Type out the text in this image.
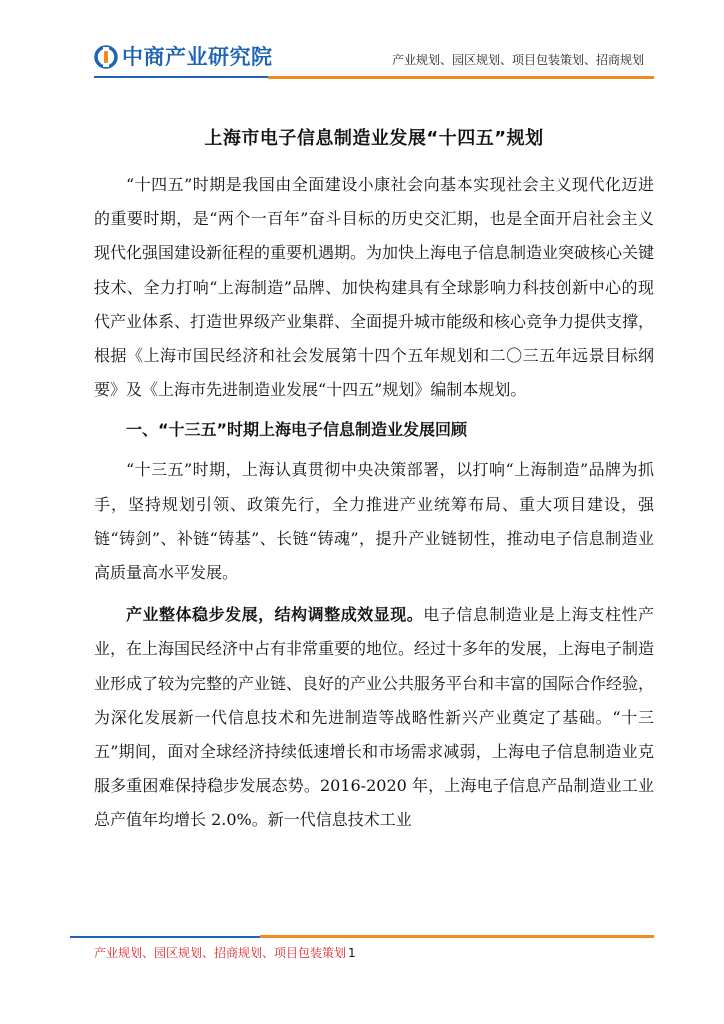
中商产业研究院	产业规划、园区规划、项目包装策划、招商规划
上海市电子信息制造业发展“十四五”规划

“十四五”时期是我国由全面建设小康社会向基本实现社会主义现代化迈进的重要时期，是“两个一百年”奋斗目标的历史交汇期，也是全面开启社会主义现代化强国建设新征程的重要机遇期。为加快上海电子信息制造业突破核心关键技术、全力打响“上海制造”品牌、加快构建具有全球影响力科技创新中心的现代产业体系、打造世界级产业集群、全面提升城市能级和核心竞争力提供支撑，根据《上海市国民经济和社会发展第十四个五年规划和二〇三五年远景目标纲要》及《上海市先进制造业发展“十四五”规划》编制本规划。

一、“十三五”时期上海电子信息制造业发展回顾

“十三五”时期，上海认真贯彻中央决策部署，以打响“上海制造”品牌为抓手，坚持规划引领、政策先行，全力推进产业统筹布局、重大项目建设，强链“铸剑”、补链“铸基”、长链“铸魂”，提升产业链韧性，推动电子信息制造业高质量高水平发展。

产业整体稳步发展，结构调整成效显现。电子信息制造业是上海支柱性产业，在上海国民经济中占有非常重要的地位。经过十多年的发展，上海电子制造业形成了较为完整的产业链、良好的产业公共服务平台和丰富的国际合作经验，为深化发展新一代信息技术和先进制造等战略性新兴产业奠定了基础。“十三五”期间，面对全球经济持续低速增长和市场需求减弱，上海电子信息制造业克服多重困难保持稳步发展态势。2016-2020 年，上海电子信息产品制造业工业总产值年均增长 2.0%。新一代信息技术工业

产业规划、园区规划、招商规划、项目包装策划 1
